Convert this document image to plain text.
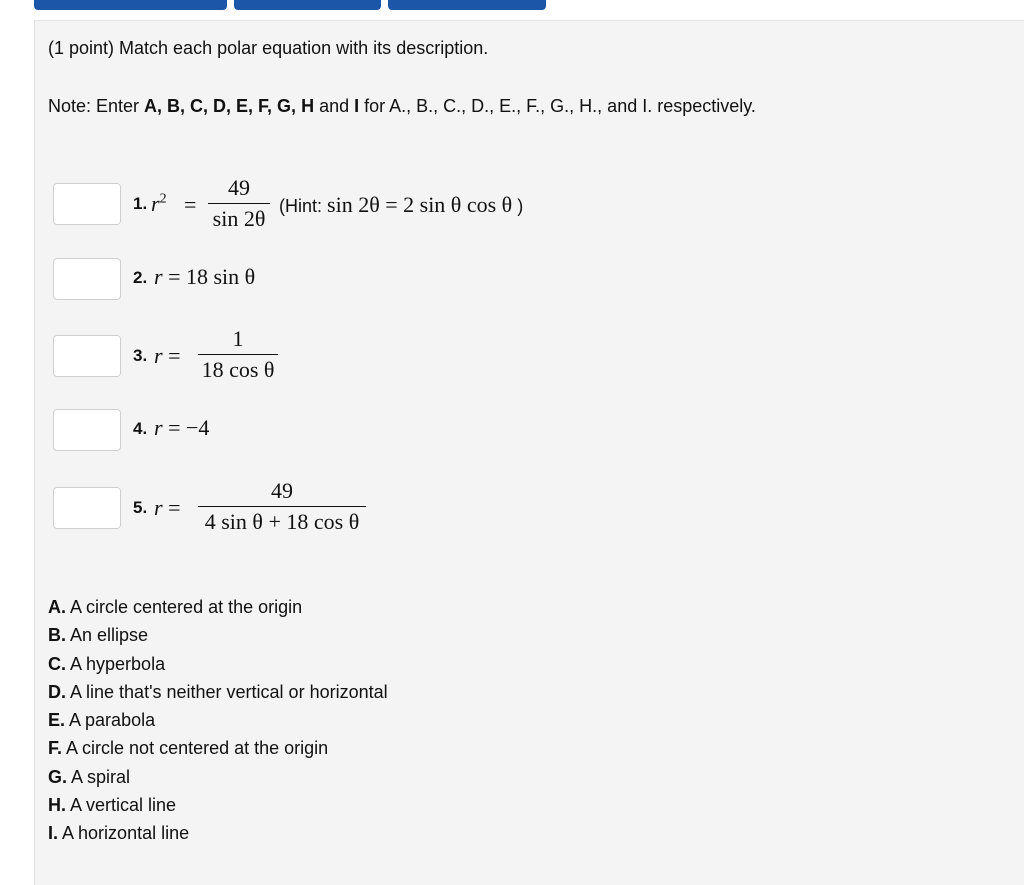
(1 point) Match each polar equation with its description.
Note: Enter A, B, C, D, E, F, G, H and I for A., B., C., D., E., F., G., H., and I. respectively.
1. $r^2$ =
49
sin 2θ (Hint: sin 2θ = 2 sin θ cos θ )
2. r = 18 sin θ
3. r =
1
18 cos θ
4. r = −4
5. r =
49
4 sin θ + 18 cos θ
A. A circle centered at the origin
B. An ellipse
C. A hyperbola
D. A line that's neither vertical or horizontal
E. A parabola
F. A circle not centered at the origin
G. A spiral
H. A vertical line
I. A horizontal line
